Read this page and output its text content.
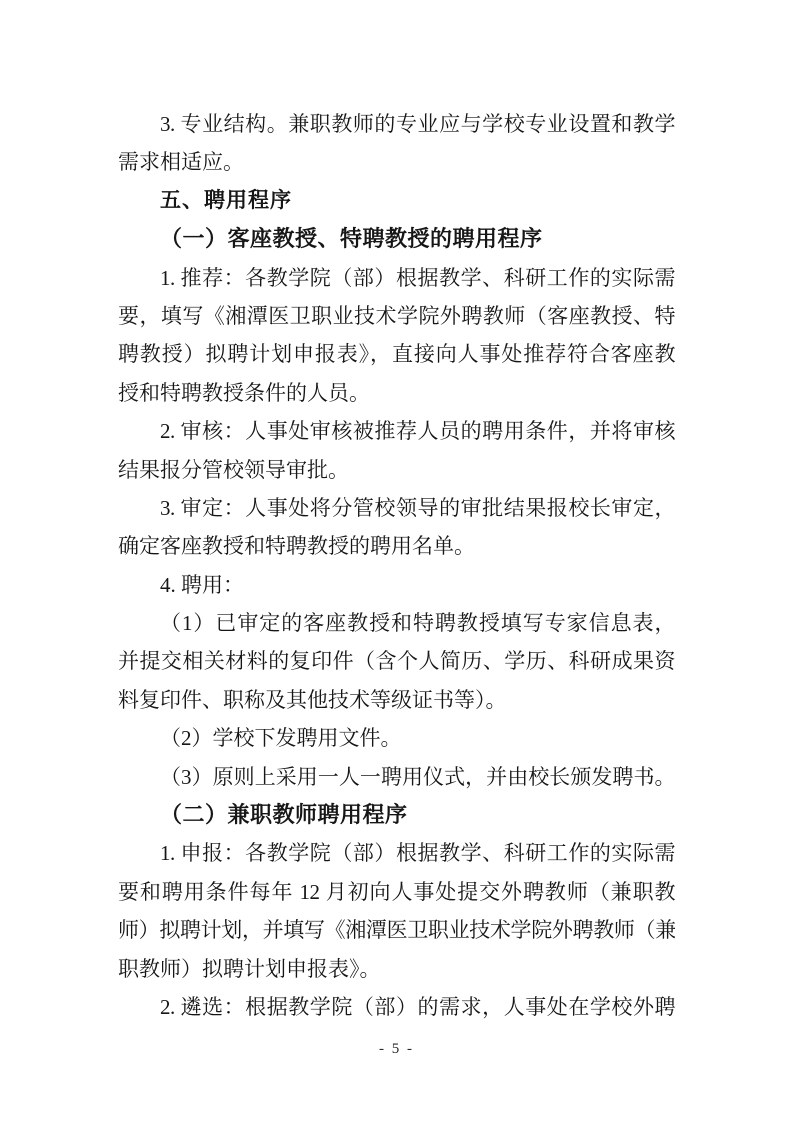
3. 专业结构。兼职教师的专业应与学校专业设置和教学
需求相适应。
五、聘用程序
（一）客座教授、特聘教授的聘用程序
1. 推荐：各教学院（部）根据教学、科研工作的实际需
要，填写《湘潭医卫职业技术学院外聘教师（客座教授、特
聘教授）拟聘计划申报表》，直接向人事处推荐符合客座教
授和特聘教授条件的人员。
2. 审核：人事处审核被推荐人员的聘用条件，并将审核
结果报分管校领导审批。
3. 审定：人事处将分管校领导的审批结果报校长审定，
确定客座教授和特聘教授的聘用名单。
4. 聘用：
（1）已审定的客座教授和特聘教授填写专家信息表，
并提交相关材料的复印件（含个人简历、学历、科研成果资
料复印件、职称及其他技术等级证书等）。
（2）学校下发聘用文件。
（3）原则上采用一人一聘用仪式，并由校长颁发聘书。
（二）兼职教师聘用程序
1. 申报：各教学院（部）根据教学、科研工作的实际需
要和聘用条件每年 12 月初向人事处提交外聘教师（兼职教
师）拟聘计划，并填写《湘潭医卫职业技术学院外聘教师（兼
职教师）拟聘计划申报表》。
2. 遴选：根据教学院（部）的需求，人事处在学校外聘
- 5 -
